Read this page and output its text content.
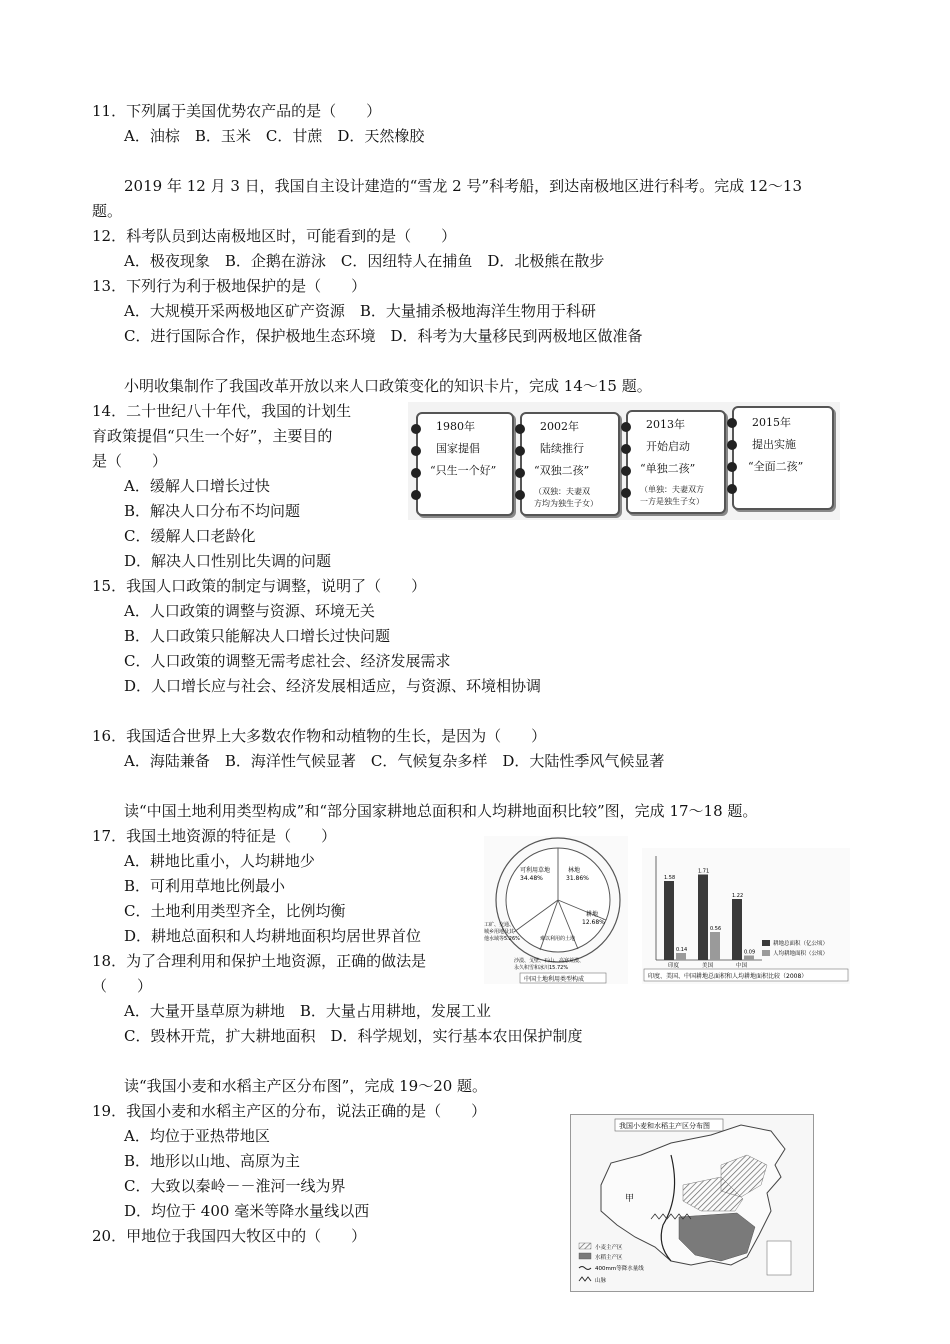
11．下列属于美国优势农产品的是（　　）
A．油棕　B．玉米　C．甘蔗　D．天然橡胶
2019 年 12 月 3 日，我国自主设计建造的“雪龙 2 号”科考船，到达南极地区进行科考。完成 12～13
题。
12．科考队员到达南极地区时，可能看到的是（　　）
A．极夜现象　B．企鹅在游泳　C．因纽特人在捕鱼　D．北极熊在散步
13．下列行为利于极地保护的是（　　）
A．大规模开采两极地区矿产资源　B．大量捕杀极地海洋生物用于科研
C．进行国际合作，保护极地生态环境　D．科考为大量移民到两极地区做准备
小明收集制作了我国改革开放以来人口政策变化的知识卡片，完成 14～15 题。
14．二十世纪八十年代，我国的计划生
育政策提倡“只生一个好”，主要目的
是（　　）
A．缓解人口增长过快
B．解决人口分布不均问题
C．缓解人口老龄化
D．解决人口性别比失调的问题
1980年
国家提倡
“只生一个好”
2002年
陆续推行
“双独二孩”
（双独：夫妻双
方均为独生子女）
2013年
开始启动
“单独二孩”
（单独：夫妻双方
一方是独生子女）
2015年
提出实施
“全面二孩”
15．我国人口政策的制定与调整，说明了（　　）
A．人口政策的调整与资源、环境无关
B．人口政策只能解决人口增长过快问题
C．人口政策的调整无需考虑社会、经济发展需求
D．人口增长应与社会、经济发展相适应，与资源、环境相协调
16．我国适合世界上大多数农作物和动植物的生长，是因为（　　）
A．海陆兼备　B．海洋性气候显著　C．气候复杂多样　D．大陆性季风气候显著
读“中国土地利用类型构成”和“部分国家耕地总面积和人均耕地面积比较”图，完成 17～18 题。
17．我国土地资源的特征是（　　）
A．耕地比重小，人均耕地少
B．可利用草地比例最小
C．土地利用类型齐全，比例均衡
D．耕地总面积和人均耕地面积均居世界首位
18．为了合理利用和保护土地资源，正确的做法是
（　　）
A．大量开垦草原为耕地　B．大量占用耕地，发展工业
C．毁林开荒，扩大耕地面积　D．科学规划，实行基本农田保护制度
可利用草地
34.48%
林地
31.86%
耕地
12.68%
工矿、交通、
城乡用地及其
他水域等5.26%	难以利用的土地
沙漠、戈壁、石山、高寒荒漠、
永久积雪和冰川15.72%
中国土地利用类型构成
耕地总面积（亿公顷）
人均耕地面积（公顷）
印度、美国、中国耕地总面积和人均耕地面积比较（2008）
1.58
0.14
印度
1.71
0.56
美国
1.22
0.09
中国
读“我国小麦和水稻主产区分布图”，完成 19～20 题。
19．我国小麦和水稻主产区的分布，说法正确的是（　　）
A．均位于亚热带地区
B．地形以山地、高原为主
C．大致以秦岭－－淮河一线为界
D．均位于 400 毫米等降水量线以西
20．甲地位于我国四大牧区中的（　　）
我国小麦和水稻主产区分布图
甲
小麦主产区
水稻主产区
400mm等降水量线
山脉
